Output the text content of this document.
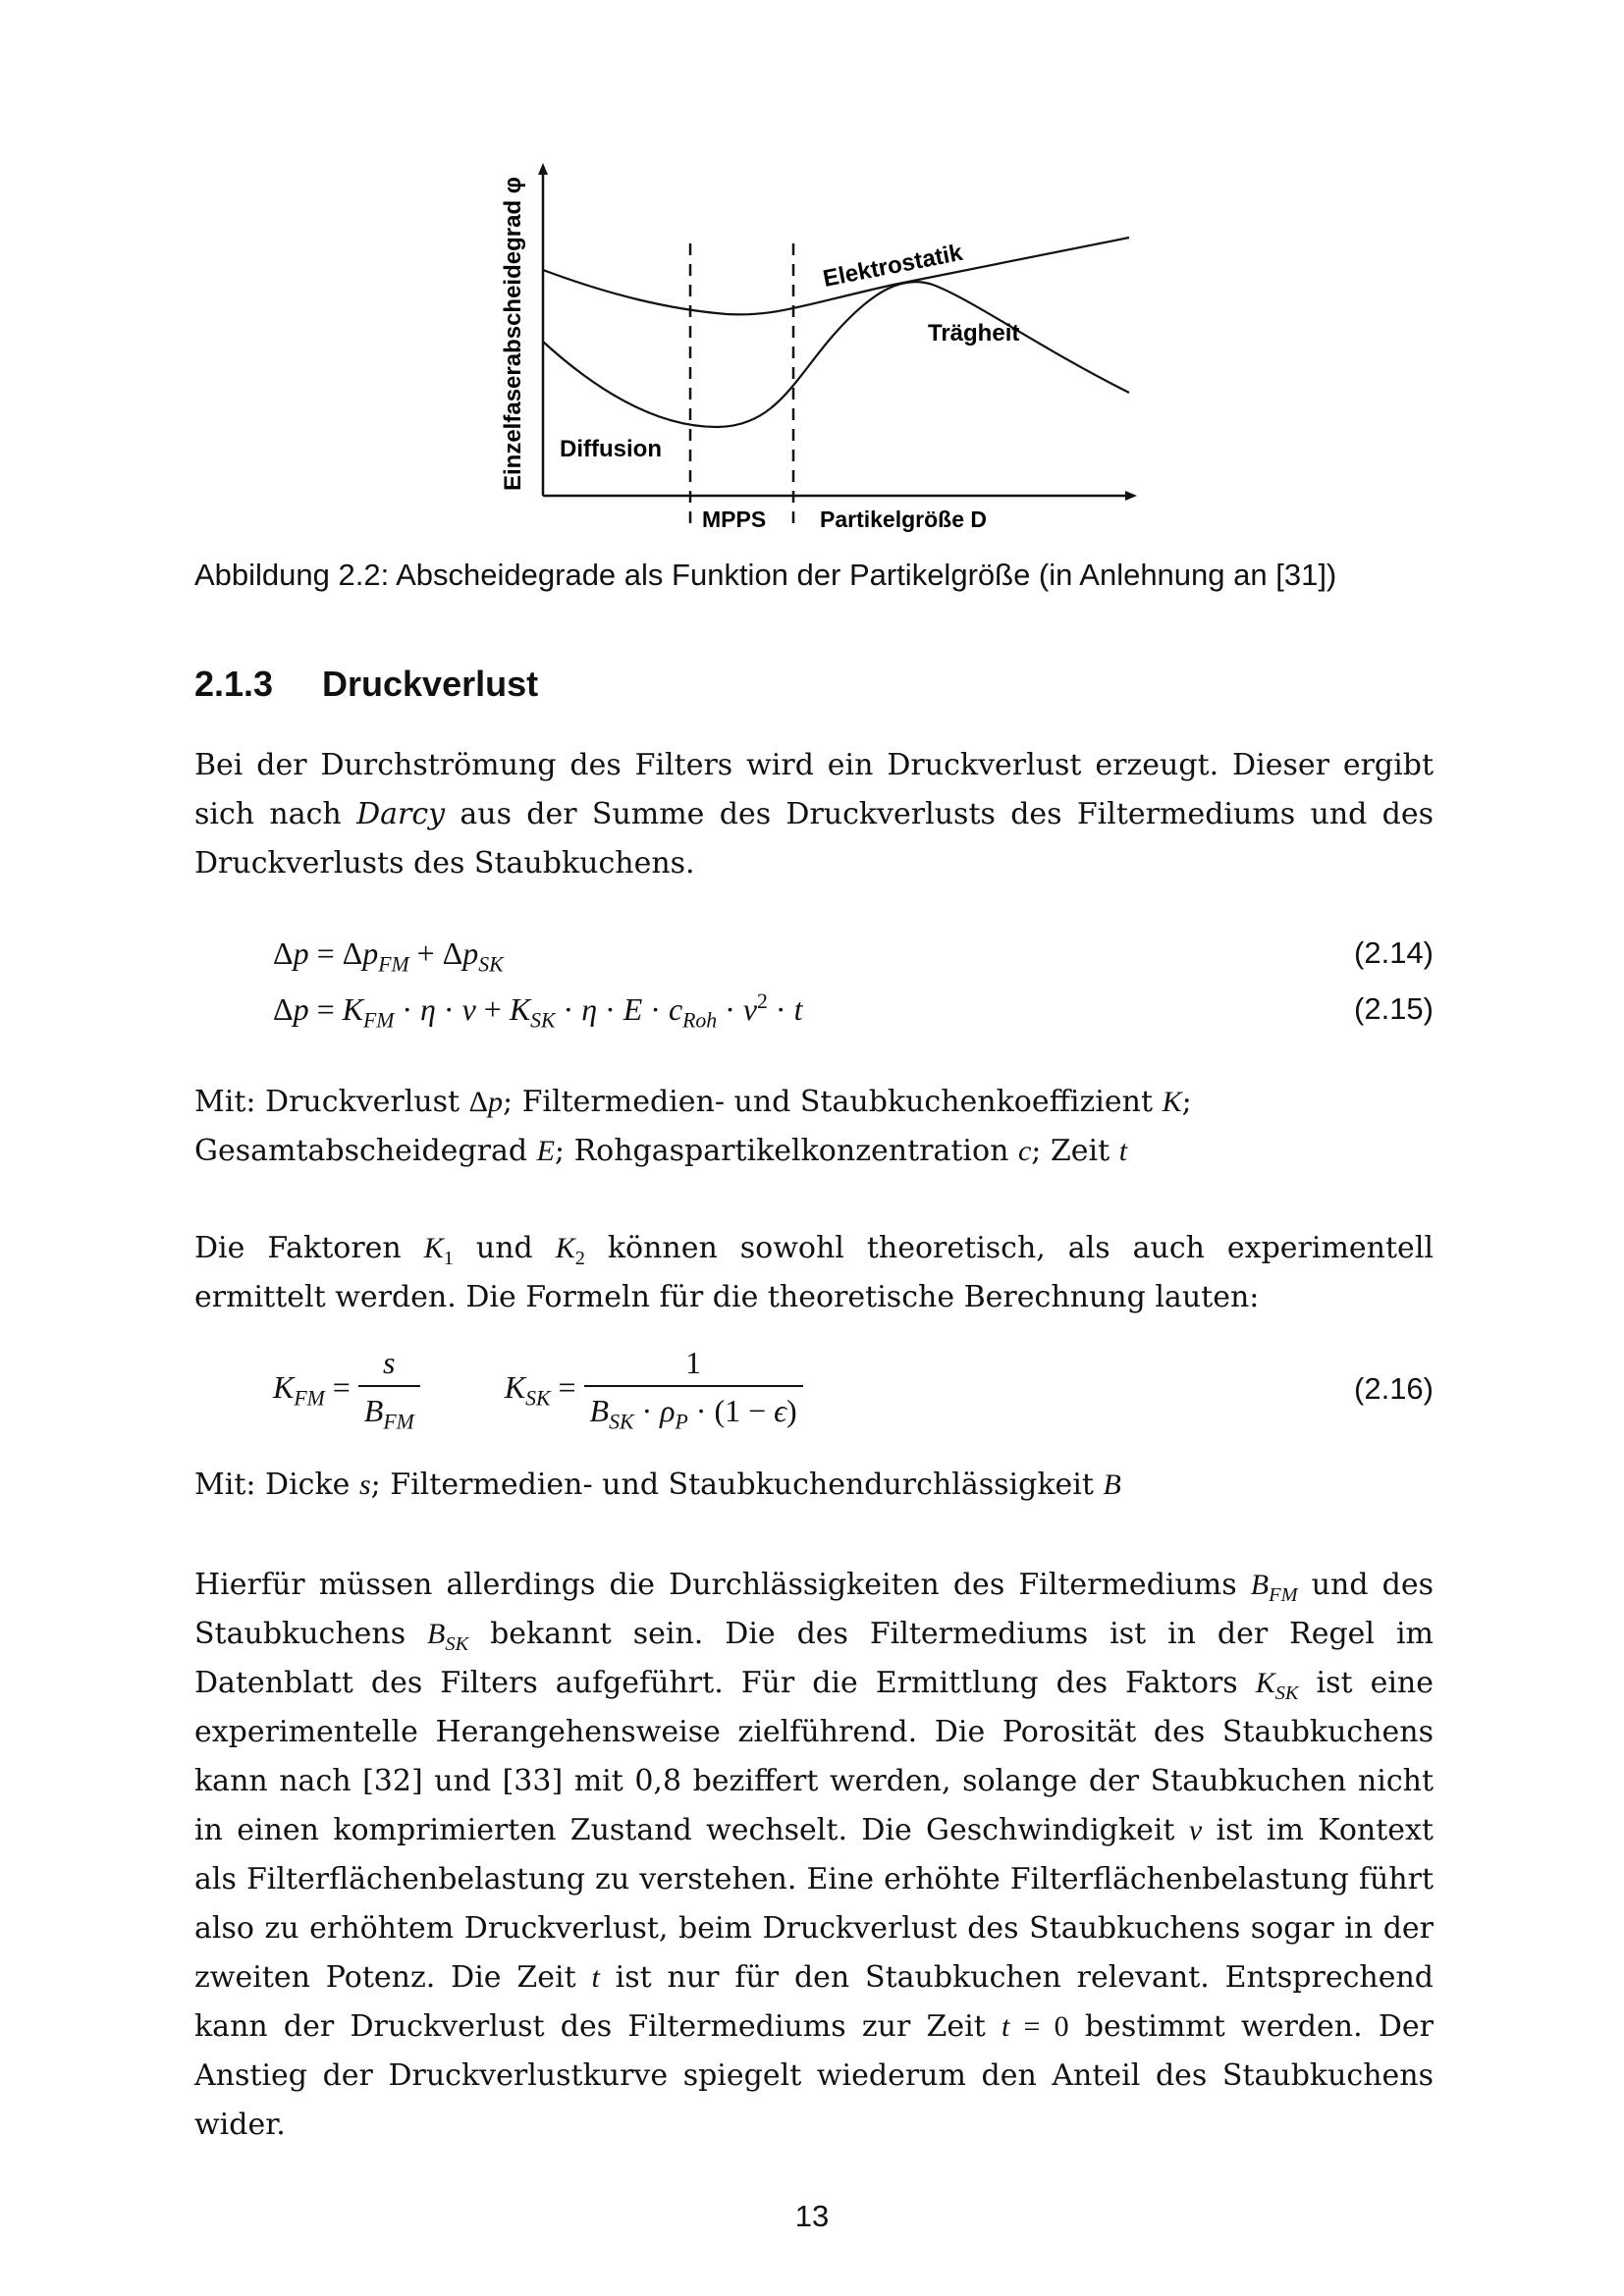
Einzelfaserabscheidegrad φ	Elektrostatik
Trägheit
Diffusion
MPPS Partikelgröße D
Abbildung 2.2: Abscheidegrade als Funktion der Partikelgröße (in Anlehnung an [31])
2.1.3 Druckverlust
Bei der Durchströmung des Filters wird ein Druckverlust erzeugt. Dieser ergibt sich nach Darcy aus der Summe des Druckverlusts des Filtermediums und des Druckverlusts des Staubkuchens.
$\Delta p = \Delta p_{FM} + \Delta p_{SK}$	(2.14)
$\Delta p = K_{FM} \cdot \eta \cdot v + K_{SK} \cdot \eta \cdot E \cdot c_{Roh} \cdot v^2 \cdot t$	(2.15)
Mit: Druckverlust Δp; Filtermedien- und Staubkuchenkoeffizient K;
Gesamtabscheidegrad E; Rohgaspartikelkonzentration c; Zeit t
Die Faktoren $K_1$ und $K_2$ können sowohl theoretisch, als auch experimentell ermittelt werden. Die Formeln für die theoretische Berechnung lauten:
$K_{FM} = \frac{s}{B_{FM}}$	$K_{SK} = \frac{1}{B_{SK} \cdot \rho_P \cdot (1 - \epsilon)}$	(2.16)
Mit: Dicke s; Filtermedien- und Staubkuchendurchlässigkeit B
Hierfür müssen allerdings die Durchlässigkeiten des Filtermediums $B_{FM}$ und des Staubkuchens $B_{SK}$ bekannt sein. Die des Filtermediums ist in der Regel im Datenblatt des Filters aufgeführt. Für die Ermittlung des Faktors $K_{SK}$ ist eine experimentelle Herangehensweise zielführend. Die Porosität des Staubkuchens kann nach [32] und [33] mit 0,8 beziffert werden, solange der Staubkuchen nicht in einen komprimierten Zustand wechselt. Die Geschwindigkeit v ist im Kontext als Filterflächenbelastung zu verstehen. Eine erhöhte Filterflächenbelastung führt also zu erhöhtem Druckverlust, beim Druckverlust des Staubkuchens sogar in der zweiten Potenz. Die Zeit t ist nur für den Staubkuchen relevant. Entsprechend kann der Druckverlust des Filtermediums zur Zeit t = 0 bestimmt werden. Der Anstieg der Druckverlustkurve spiegelt wiederum den Anteil des Staubkuchens wider.
13
